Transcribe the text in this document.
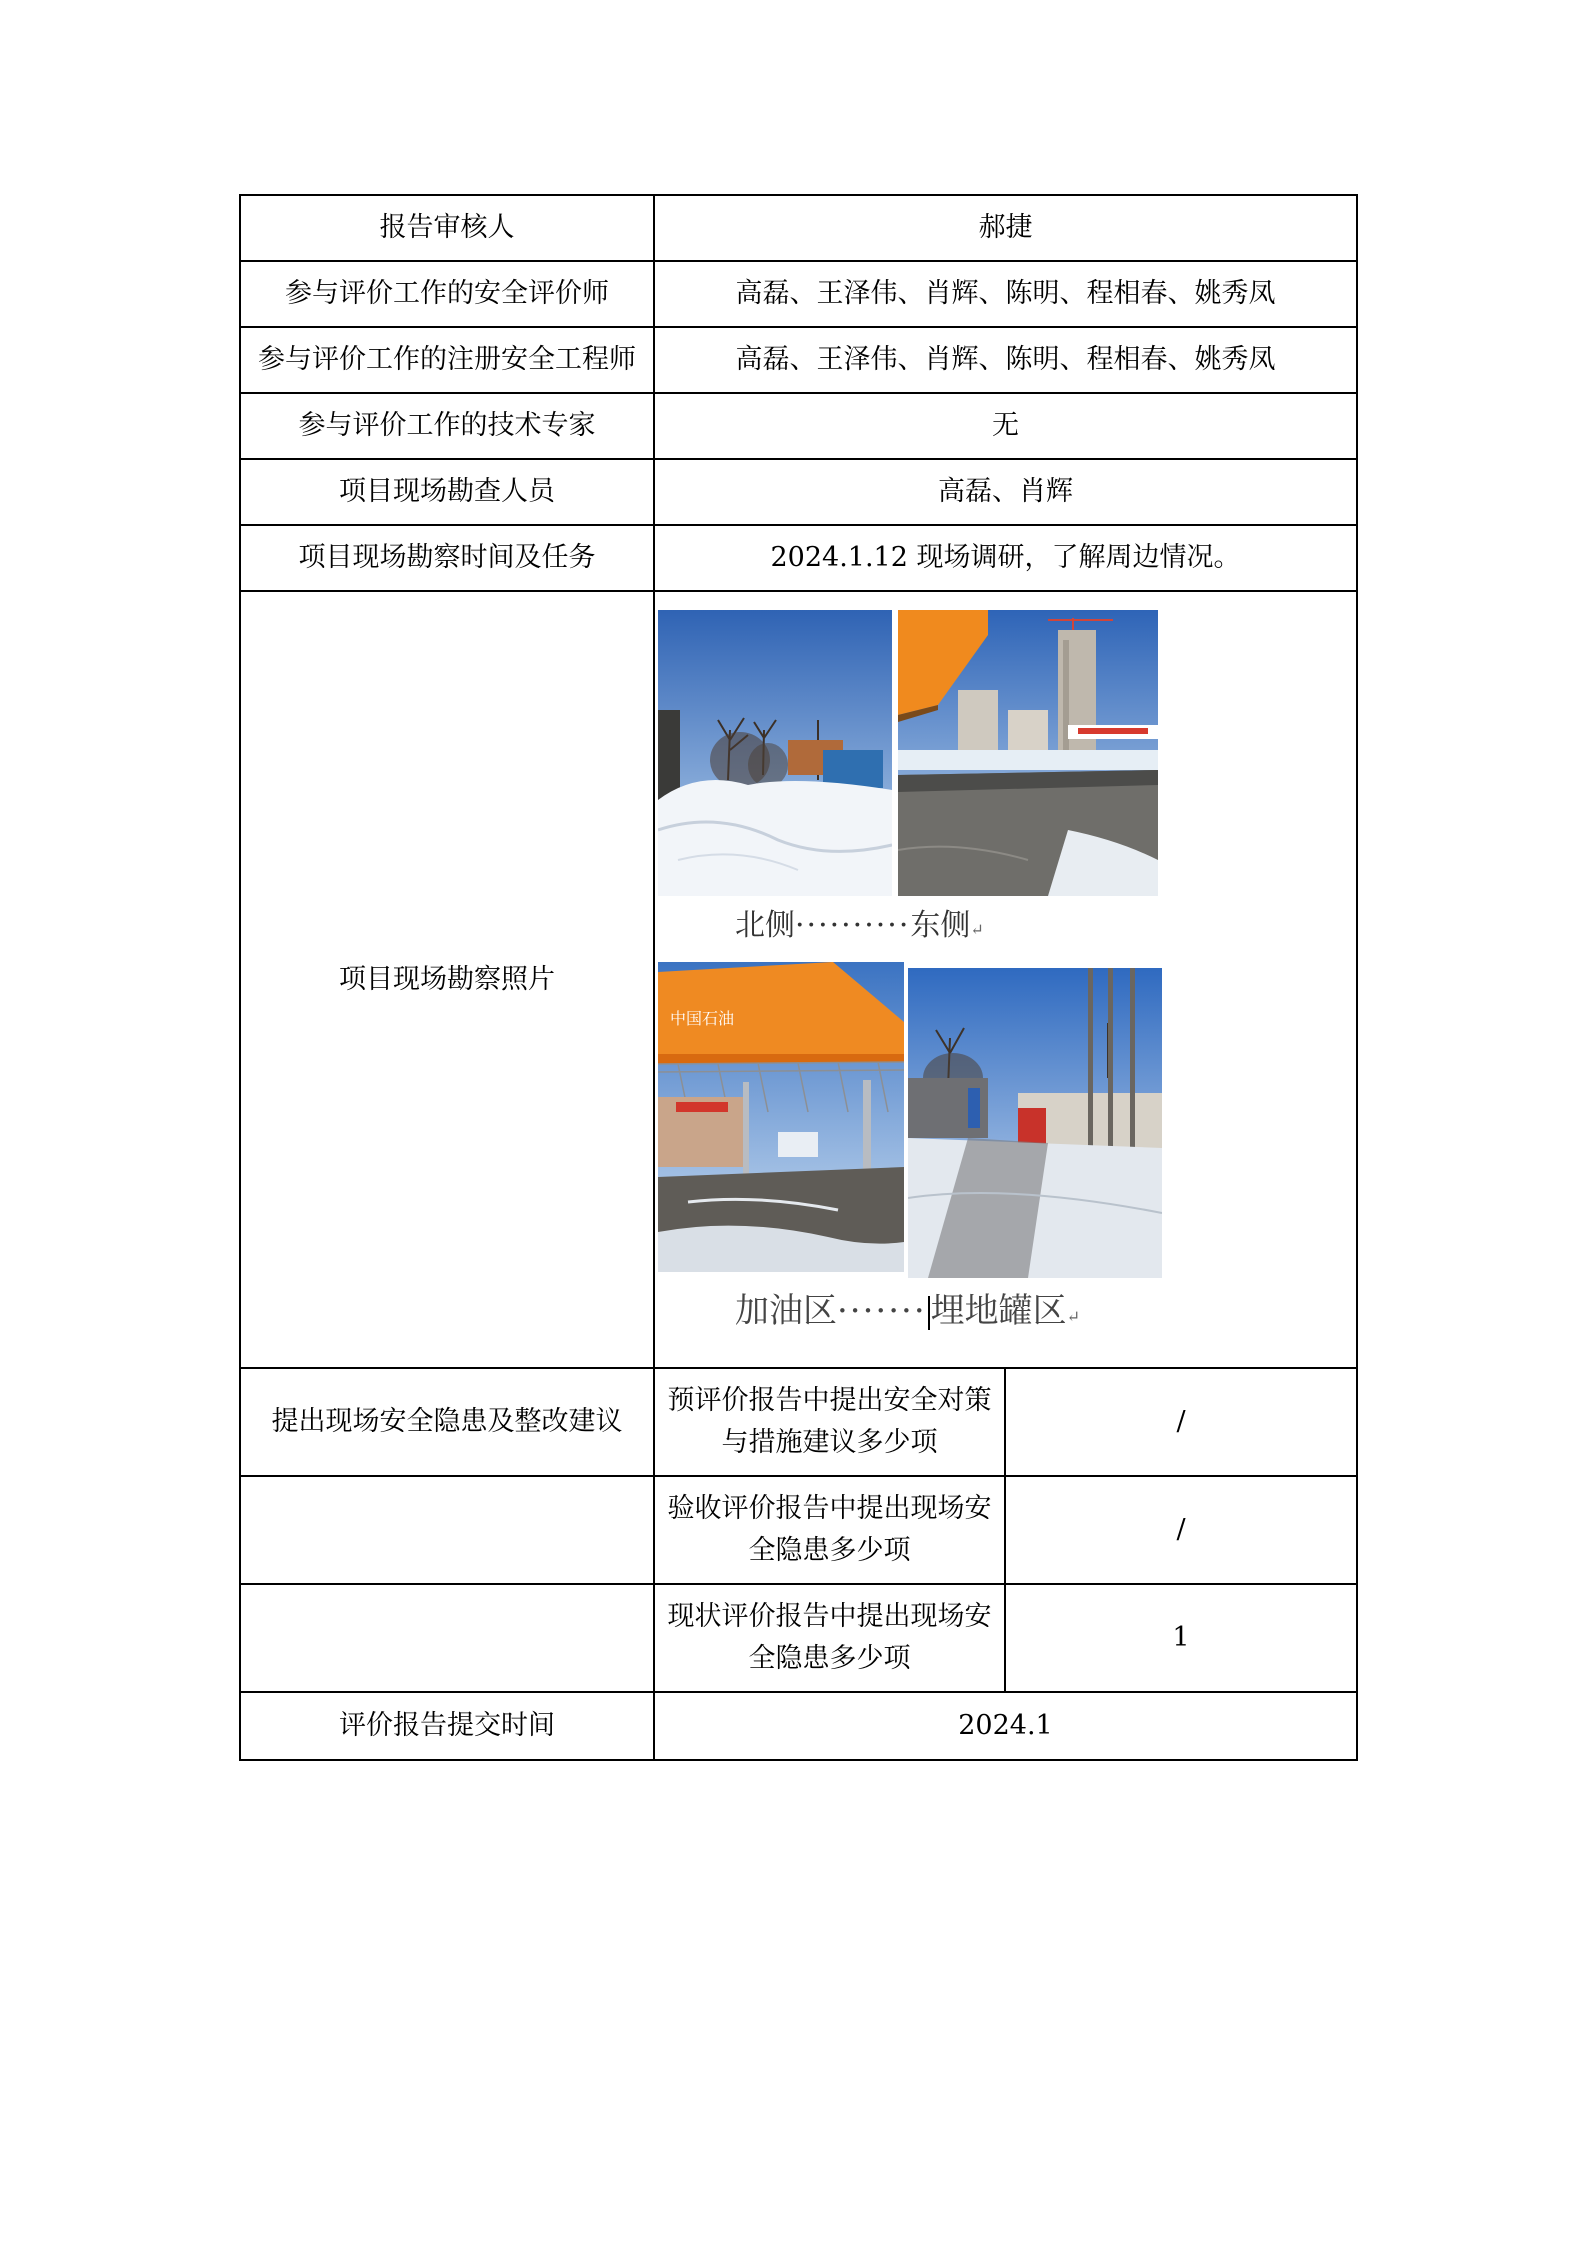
报告审核人	郝捷	
参与评价工作的安全评价师	高磊、王泽伟、肖辉、陈明、程相春、姚秀凤	
参与评价工作的注册安全工程师	高磊、王泽伟、肖辉、陈明、程相春、姚秀凤	
参与评价工作的技术专家	无	
项目现场勘查人员	高磊、肖辉	
项目现场勘察时间及任务	2024.1.12 现场调研，了解周边情况。	
项目现场勘察照片	北侧··········东侧↵
中国石油
加油区······· 埋地罐区↵	

提出现场安全隐患及整改建议	预评价报告中提出安全对策与措施建议多少项	/
	验收评价报告中提出现场安全隐患多少项	/
	现状评价报告中提出现场安全隐患多少项	1
评价报告提交时间	2024.1	
